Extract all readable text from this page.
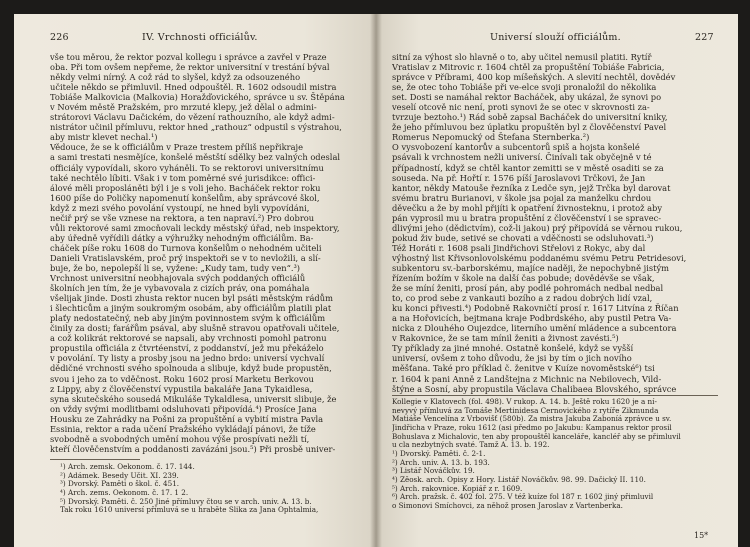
226	IV. Vrchnosti officiálův.
vše tou měrou, že rektor pozval kollegu i správce a zavřel v Praze
oba. Při tom ovšem nepřeme, že rektor universitní v trestání býval
někdy velmi nírný. A což rád to slyšel, když za odsouzeného
učitele někdo se přimluvil. Hned odpouštěl. R. 1602 odsoudil mistra
Tobiáše Malkovicia (Malkovia) Horažďovického, správce u sv. Štěpána
v Novém městě Pražském, pro mrzuté klepy, jež dělal o admini-
strátorovi Václavu Dačickém, do vězení rathouzního, ale když admi-
nistrátor učinil přímluvu, rektor hned „rathouz“ odpustil s výstrahou,
aby mistr klevet nechal.¹)
Vědouce, že se k officiálům v Praze trestem příliš nepřikraje
a sami trestati nesmějíce, konšelé městští sdělky bez valných odeslal
officiály vypovídali, skoro vyháněli. To se rektorovi universitnímu
také nechtělo líbiti. Však i v tom poměrné své jurisdikce: offici-
álové měli proposláněti býl i je s voli jeho. Bacháček rektor roku
1600 píše do Poličky napomenutí konšelům, aby správcové škol,
když z mezi svého povolání vystoupí, ne hned byli vypovídáni,
nečiř prý se vše vznese na rektora, a ten napraví.²) Pro dobrou
vůli rektorové sami zmocňovali leckdy městský úřad, neb inspektory,
aby úředně vyřídili dátky a výhružky nehodným officiálům. Ba-
cháček píše roku 1608 do Turnova konšelům o nehodném učiteli
Danieli Vratislavském, proč prý inspektoři se v to nevložili, a slí-
buje, že bo, nepolepší li se, vyžene: „Kudy tam, tudy ven“.³)
Vrchnost universitní neobhajovala svých poddaných officiálů
školních jen tím, že je vybavovala z cizích práv, ona pomáhala
všelijak jinde. Dosti zhusta rektor nucen byl psáti městským rádům
i šlechticům a jiným soukromým osobám, aby officiálům platili plat
plaťy nedostatečný, neb aby jiným povinnostem svým k officiálům
činily za dosti; farářům psával, aby slušně stravou opatřovali učitele,
a což kolikrát rektorové se napsali, aby vrchnosti pomohl patronu
propustila officiála z čtvrtéenství, z poddanství, jež mu překáželo
v povolání. Ty listy a prosby jsou na jedno brdo: universí vychvalí
dědičné vrchnosti svého spolnouda a slibuje, když bude propustěn,
svou i jeho za to vděčnost. Roku 1602 prosí Marketu Berkovou
z Lippy, aby z člověčenství vypustila bakaláře Jana Tykaidlesa,
syna skutečského sousedá Mikuláše Tykaldlesa, universit slibuje, že
on vždy svými modlitbami odsluhovati připovídá.⁴) Prosíce Jana
Housku ze Zahrádky na Pošni za propuštění a vybití mistra Pavla
Essinia, rektor a rada učení Pražského vykládají pánovi, že tíže
svobodně a svobodných umění mohou výše prospívati nežli tí,
kteří člověčenstvím a poddanosti zavázáni jsou.⁵) Při prosbě univer-
¹) Arch. zemsk. Oekonom. č. 17. 144.
²) Adámek. Besedy Učit. XI. 239.
³) Dvorský. Paměti o škol. č. 451.
⁴) Arch. zems. Oekonom. č. 17. 1 2.
⁵) Dvorský. Paměti. č. 250 Jiné přímluvy čtou se v arch. univ. A. 13. b.
Tak roku 1610 universí přímluvá se u hraběte Šlika za Jana Ophtalmia,
Universí slouží officiálům.	227
sitní za výhost slo hlavně o to, aby učitel nemusil platiti. Rytíř
Vratislav z Mitrovic r. 1604 chtěl za propuštění Tobiáše Fabricia,
správce v Příbrami, 400 kop míšeňských. A slevití nechtěl, dovědév
se, že otec toho Tobiáše při ve-elce svoji pronaložil do několika
set. Dosti se namáhal rektor Bacháček, aby ukázal, že synovi po
veselí otcově nic není, proti synovi že se otec v skrovnosti za-
tvrzuje beztoho.¹) Rád sobě zapsal Bacháček do universitní kniky,
že jeho přímluvou bez úplatku propuštěn byl z člověčenství Pavel
Romerus Nepomucký od Štefana Sternberka.²)
O vysvobození kantorův a subcentorů spiš a hojsta konšelé
psávali k vrchnostem nežli universí. Činívali tak obyčejně v té
případností, když se chtěl kantor zemitti se v městě osaditi se za
souseda. Na př. Hořtí r. 1576 píší Jaroslavovi Trčkovi, že Jan
kantor, někdy Matouše řezníka z Ledče syn, jejž Trčka byl darovat
svému bratru Burianovi, v škole jsa pojal za manželku chrdou
děvečku a že by mohl přijíti k opatření živnosteknu, i protož aby
pán vyprosil mu u bratra propuštění z člověčenství i se spravec-
dlivými jeho (dědictvím), což-li jakou) prý připovídá se věrnou rukou,
pokud živ bude, setivé se chovati a vděčnosti se odsluhovati.³)
Též Horáti r. 1608 psali Jindřichovi Střelovi z Rokyc, aby dal
výhostný list Křivsonlovolskému poddanému svému Petru Petridesovi,
subkentoru sv.-barborskému, majíce naději, že nepochybně jistým
řízením božím v škole na další čas pobude; dovědévše se však,
že se míní ženiti, prosí pán, aby podlé pohromách nedbal nedbal
to, co prod sebe z vankauti bozího a z radou dobrých lidí vzal,
ku konci přivesti.⁴) Podobně Rakovničtí prosí r. 1617 Litvína z Říčan
a na Hořovicích, bejtmana kraje Podbrdského, aby pustil Petra Va-
nicka z Dlouhého Oujezdce, literního umění mládence a subcentora
v Rakovnice, že se tam mínil ženiti a živnost zavésti.⁵)
Ty příklady za jiné mnohé. Ostatně konšelé, když se vyšší
universí, ovšem z toho důvodu, že jsi by tím o jich novího
měšťana. Také pro příklad č. ženitve v Kuíze novoměstské⁶) tsi
r. 1604 k pani Anně z Landštejna z Michnic na Nebilovech, Vild-
štýne a Sosní, aby propustila Václava Chalibaea Blovského, správce
Kollegie v Klatovech (fol. 498). V rukop. A. 14. b. Ještě roku 1620 je a ní-
nevyvý přímluvá za Tomáše Mertinidesa Černovického z rytíře Zikmunda
Matiáše Vencelína z Vrbovišť (580b). Za mistra Jakuba Žaboníá zprávce u sv.
Jindřicha v Praze, roku 1612 (asi předmo po Jakubu: Kampanus rektor prosil
Bohuslava z Michalovic, ten aby propouštěl kanceláře, kancléř aby se přimluvil
u cla nezbytných svaté. Tamž A. 13. b. 192.
¹) Dvorský. Paměti. č. 2-1.
²) Arch. univ. A. 13. b. 193.
³) Listář Nováčkův. 19.
⁴) Zěosk. arch. Opisy z Hory. Listář Nováčkův. 98. 99. Dačický II. 110.
⁵) Arch. rakovnice. Kopiář z r. 1609.
⁶) Arch. pražsk. č. 402 fol. 275. V též kuíze fol 187 r. 1602 jiný přimluvil
o Šimonovi Smíchovci, za něhož prosen Jaroslav z Vartenberka.
15*
